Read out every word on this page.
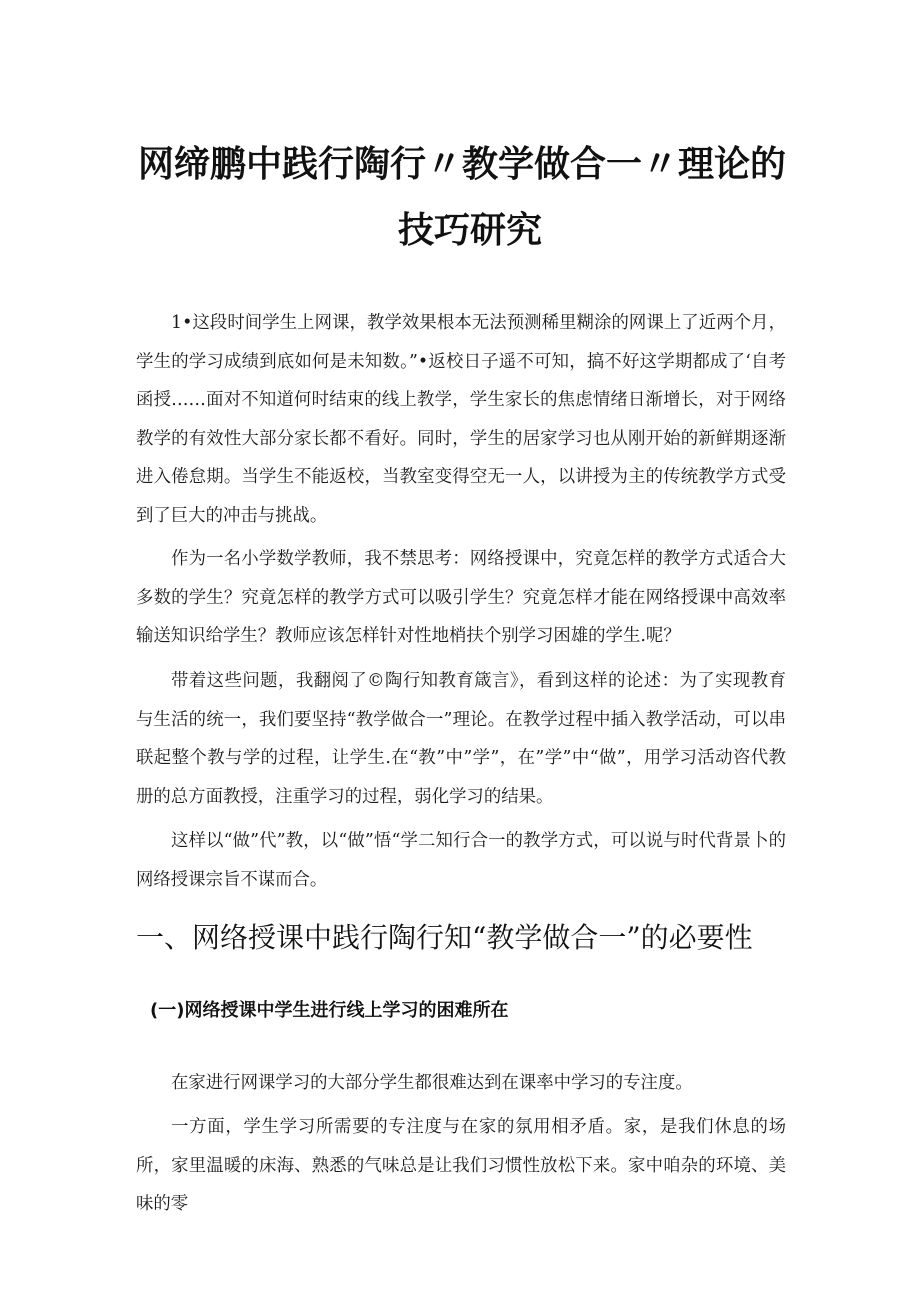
网缔鹏中践行陶行〃教学做合一〃理论的
技巧研究

1•这段时间学生上网课，教学效果根本无法预测稀里糊涂的网课上了近两个月，学生的学习成绩到底如何是未知数。”•返校日子遥不可知，搞不好这学期都成了‘自考函授……面对不知道何时结束的线上教学，学生家长的焦虑情绪日渐增长，对于网络教学的有效性大部分家长都不看好。同时，学生的居家学习也从刚开始的新鲜期逐渐进入倦怠期。当学生不能返校，当教室变得空无一人，以讲授为主的传统教学方式受到了巨大的冲击与挑战。

作为一名小学数学教师，我不禁思考：网络授课中，究竟怎样的教学方式适合大多数的学生？究竟怎样的教学方式可以吸引学生？究竟怎样才能在网络授课中高效率输送知识给学生？教师应该怎样针对性地梢扶个别学习困雄的学生.呢？

带着这些问题，我翻阅了©陶行知教育箴言》，看到这样的论述：为了实现教育与生活的统一，我们要坚持“教学做合一”理论。在教学过程中插入教学活动，可以串联起整个教与学的过程，让学生.在“教”中”学”，在”学”中“做”，用学习活动咨代教册的总方面教授，注重学习的过程，弱化学习的结果。

这样以“做”代”教，以“做”悟“学二知行合一的教学方式，可以说与时代背景卜的网络授课宗旨不谋而合。

一、网络授课中践行陶行知“教学做合一”的必要性
(一)网络授课中学生进行线上学习的困难所在

在家进行网课学习的大部分学生都很难达到在课率中学习的专注度。

一方面，学生学习所需要的专注度与在家的氛用相矛盾。家，是我们休息的场所，家里温暖的床海、熟悉的气味总是让我们习惯性放松下来。家中咱杂的环境、美味的零
